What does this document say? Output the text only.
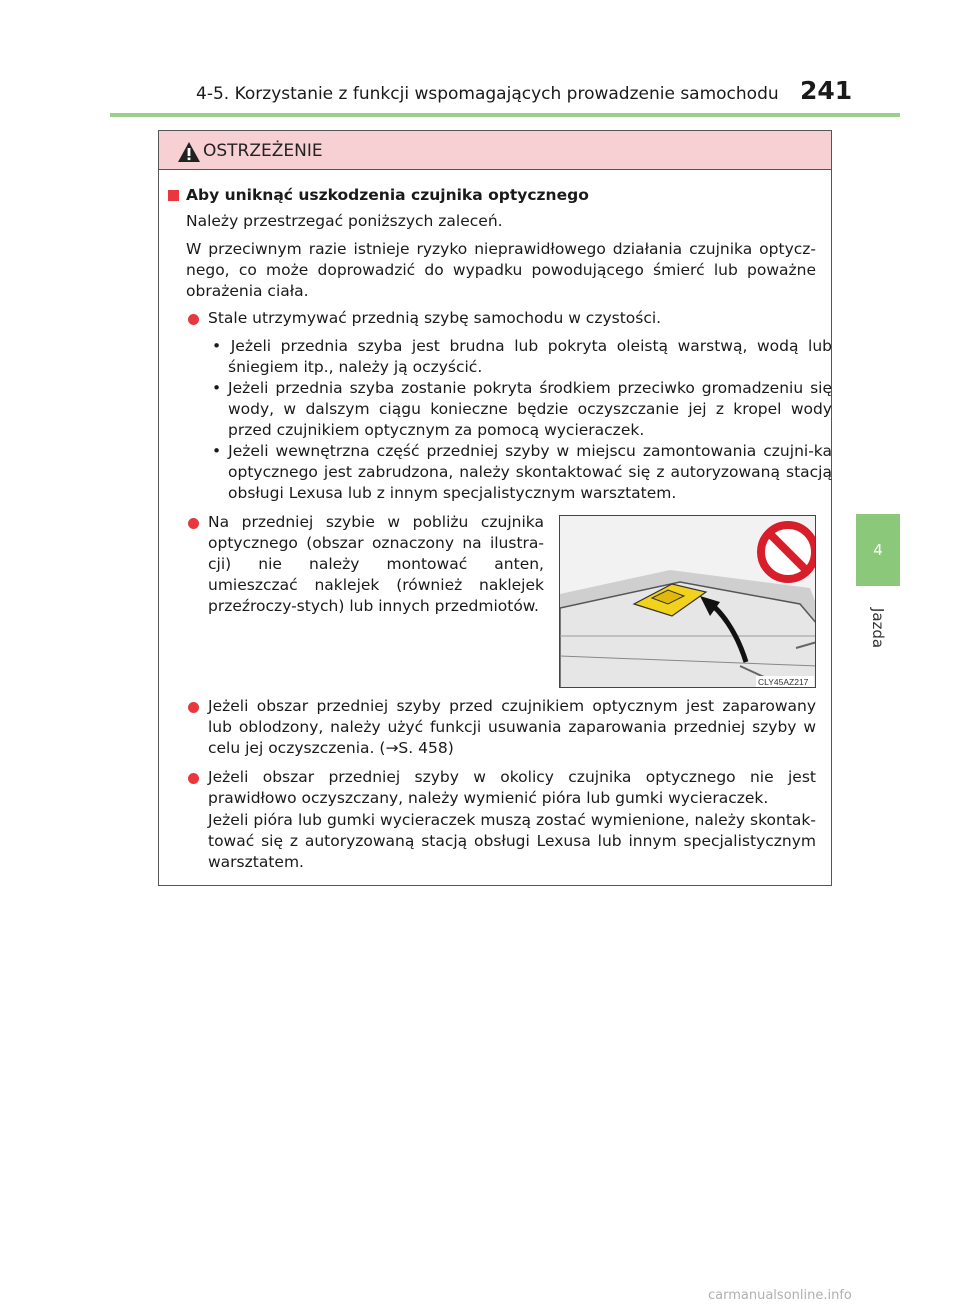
4-5. Korzystanie z funkcji wspomagających prowadzenie samochodu 241
4
Jazda
OSTRZEŻENIE
Aby uniknąć uszkodzenia czujnika optycznego
Należy przestrzegać poniższych zaleceń.
W przeciwnym razie istnieje ryzyko nieprawidłowego działania czujnika optycz-nego, co może doprowadzić do wypadku powodującego śmierć lub poważne obrażenia ciała.
Stale utrzymywać przednią szybę samochodu w czystości.
• Jeżeli przednia szyba jest brudna lub pokryta oleistą warstwą, wodą lub śniegiem itp., należy ją oczyścić.
• Jeżeli przednia szyba zostanie pokryta środkiem przeciwko gromadzeniu się wody, w dalszym ciągu konieczne będzie oczyszczanie jej z kropel wody przed czujnikiem optycznym za pomocą wycieraczek.
• Jeżeli wewnętrzna część przedniej szyby w miejscu zamontowania czujni-ka optycznego jest zabrudzona, należy skontaktować się z autoryzowaną stacją obsługi Lexusa lub z innym specjalistycznym warsztatem.
Na przedniej szybie w pobliżu czujnika optycznego (obszar oznaczony na ilustra-cji) nie należy montować anten, umieszczać naklejek (również naklejek przeźroczy-stych) lub innych przedmiotów.
CLY45AZ217
Jeżeli obszar przedniej szyby przed czujnikiem optycznym jest zaparowany lub oblodzony, należy użyć funkcji usuwania zaparowania przedniej szyby w celu jej oczyszczenia. (→S. 458)
Jeżeli obszar przedniej szyby w okolicy czujnika optycznego nie jest prawidłowo oczyszczany, należy wymienić pióra lub gumki wycieraczek.
Jeżeli pióra lub gumki wycieraczek muszą zostać wymienione, należy skontak-tować się z autoryzowaną stacją obsługi Lexusa lub innym specjalistycznym warsztatem.
carmanualsonline.info
